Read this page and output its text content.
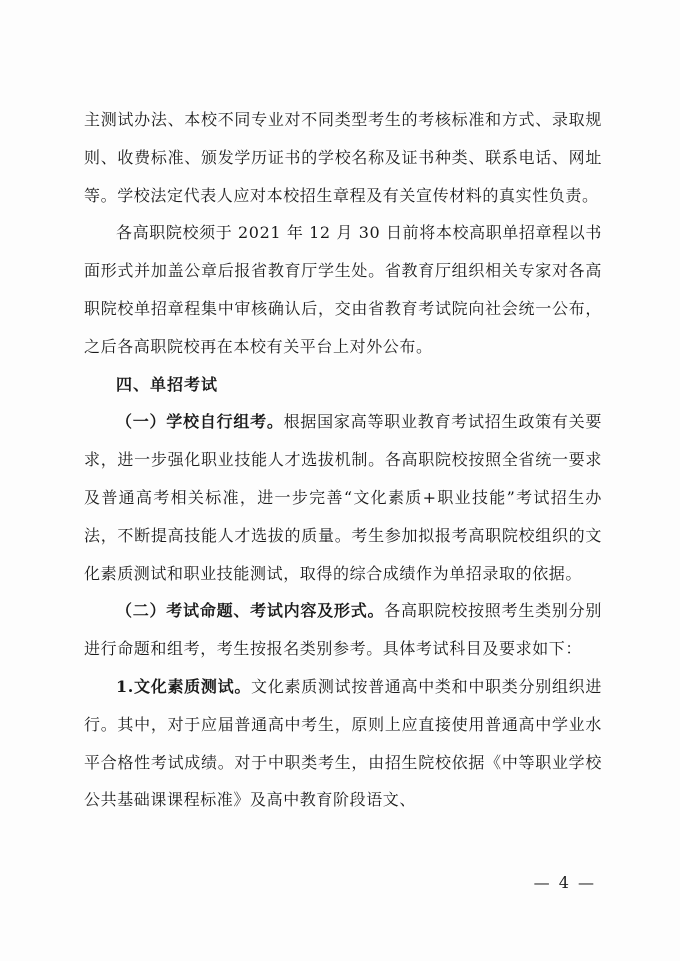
主测试办法、本校不同专业对不同类型考生的考核标准和方式、录取规则、收费标准、颁发学历证书的学校名称及证书种类、联系电话、网址等。学校法定代表人应对本校招生章程及有关宣传材料的真实性负责。

各高职院校须于 2021 年 12 月 30 日前将本校高职单招章程以书面形式并加盖公章后报省教育厅学生处。省教育厅组织相关专家对各高职院校单招章程集中审核确认后，交由省教育考试院向社会统一公布，之后各高职院校再在本校有关平台上对外公布。

四、单招考试

（一）学校自行组考。根据国家高等职业教育考试招生政策有关要求，进一步强化职业技能人才选拔机制。各高职院校按照全省统一要求及普通高考相关标准，进一步完善“文化素质+职业技能”考试招生办法，不断提高技能人才选拔的质量。考生参加拟报考高职院校组织的文化素质测试和职业技能测试，取得的综合成绩作为单招录取的依据。

（二）考试命题、考试内容及形式。各高职院校按照考生类别分别进行命题和组考，考生按报名类别参考。具体考试科目及要求如下：

1.文化素质测试。文化素质测试按普通高中类和中职类分别组织进行。其中，对于应届普通高中考生，原则上应直接使用普通高中学业水平合格性考试成绩。对于中职类考生，由招生院校依据《中等职业学校公共基础课课程标准》及高中教育阶段语文、

— 4 —
